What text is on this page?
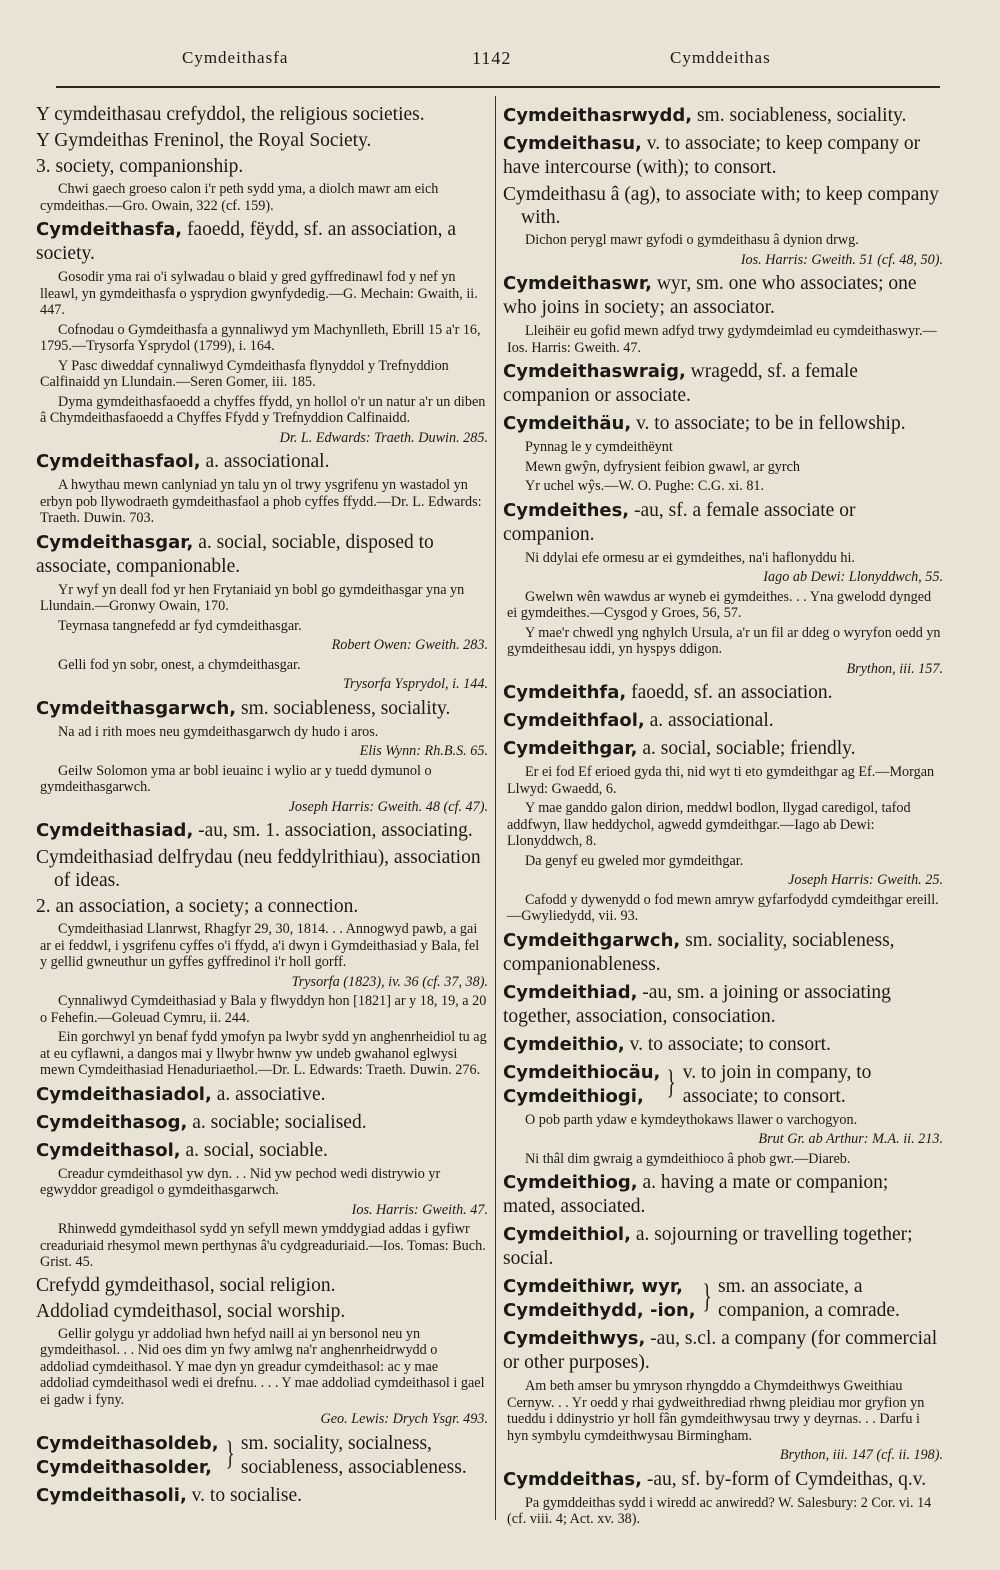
Cymdeithasfa	1142	Cymddeithas
Y cymdeithasau crefyddol, the religious societies.
Y Gymdeithas Freninol, the Royal Society.
3. society, companionship.
Chwi gaech groeso calon i'r peth sydd yma, a diolch mawr am eich cymdeithas.—Gro. Owain, 322 (cf. 159).
Cymdeithasfa, faoedd, fëydd, sf. an association, a society.
Gosodir yma rai o'i sylwadau o blaid y gred gyffredinawl fod y nef yn lleawl, yn gymdeithasfa o ysprydion gwynfydedig.—G. Mechain: Gwaith, ii. 447.
Cofnodau o Gymdeithasfa a gynnaliwyd ym Machynlleth, Ebrill 15 a'r 16, 1795.—Trysorfa Ysprydol (1799), i. 164.
Y Pasc diweddaf cynnaliwyd Cymdeithasfa flynyddol y Trefnyddion Calfinaidd yn Llundain.—Seren Gomer, iii. 185.
Dyma gymdeithasfaoedd a chyffes ffydd, yn hollol o'r un natur a'r un diben â Chymdeithasfaoedd a Chyffes Ffydd y Trefnyddion Calfinaidd.
Dr. L. Edwards: Traeth. Duwin. 285.
Cymdeithasfaol, a. associational.
A hwythau mewn canlyniad yn talu yn ol trwy ysgrifenu yn wastadol yn erbyn pob llywodraeth gymdeithasfaol a phob cyffes ffydd.—Dr. L. Edwards: Traeth. Duwin. 703.
Cymdeithasgar, a. social, sociable, disposed to associate, companionable.
Yr wyf yn deall fod yr hen Frytaniaid yn bobl go gymdeithasgar yna yn Llundain.—Gronwy Owain, 170.
Teyrnasa tangnefedd ar fyd cymdeithasgar.
Robert Owen: Gweith. 283.
Gelli fod yn sobr, onest, a chymdeithasgar.
Trysorfa Ysprydol, i. 144.
Cymdeithasgarwch, sm. sociableness, sociality.
Na ad i rith moes neu gymdeithasgarwch dy hudo i aros.
Elis Wynn: Rh.B.S. 65.
Geilw Solomon yma ar bobl ieuainc i wylio ar y tuedd dymunol o gymdeithasgarwch.
Joseph Harris: Gweith. 48 (cf. 47).
Cymdeithasiad, -au, sm. 1. association, associating.
Cymdeithasiad delfrydau (neu feddylrithiau), association of ideas.
2. an association, a society; a connection.
Cymdeithasiad Llanrwst, Rhagfyr 29, 30, 1814. . . Annogwyd pawb, a gai ar ei feddwl, i ysgrifenu cyffes o'i ffydd, a'i dwyn i Gymdeithasiad y Bala, fel y gellid gwneuthur un gyffes gyffredinol i'r holl gorff.
Trysorfa (1823), iv. 36 (cf. 37, 38).
Cynnaliwyd Cymdeithasiad y Bala y flwyddyn hon [1821] ar y 18, 19, a 20 o Fehefin.—Goleuad Cymru, ii. 244.
Ein gorchwyl yn benaf fydd ymofyn pa lwybr sydd yn anghenrheidiol tu ag at eu cyflawni, a dangos mai y llwybr hwnw yw undeb gwahanol eglwysi mewn Cymdeithasiad Henaduriaethol.—Dr. L. Edwards: Traeth. Duwin. 276.
Cymdeithasiadol, a. associative.
Cymdeithasog, a. sociable; socialised.
Cymdeithasol, a. social, sociable.
Creadur cymdeithasol yw dyn. . . Nid yw pechod wedi distrywio yr egwyddor greadigol o gymdeithasgarwch.
Ios. Harris: Gweith. 47.
Rhinwedd gymdeithasol sydd yn sefyll mewn ymddygiad addas i gyfiwr creaduriaid rhesymol mewn perthynas â'u cydgreaduriaid.—Ios. Tomas: Buch. Grist. 45.
Crefydd gymdeithasol, social religion.
Addoliad cymdeithasol, social worship.
Gellir golygu yr addoliad hwn hefyd naill ai yn bersonol neu yn gymdeithasol. . . Nid oes dim yn fwy amlwg na'r anghenrheidrwydd o addoliad cymdeithasol. Y mae dyn yn greadur cymdeithasol: ac y mae addoliad cymdeithasol wedi ei drefnu. . . . Y mae addoliad cymdeithasol i gael ei gadw i fyny.
Geo. Lewis: Drych Ysgr. 493.
Cymdeithasoldeb,
Cymdeithasolder, } sm. sociality, socialness, sociableness, associableness.
Cymdeithasoli, v. to socialise.
Cymdeithasrwydd, sm. sociableness, sociality.
Cymdeithasu, v. to associate; to keep company or have intercourse (with); to consort.
Cymdeithasu â (ag), to associate with; to keep company with.
Dichon perygl mawr gyfodi o gymdeithasu â dynion drwg.
Ios. Harris: Gweith. 51 (cf. 48, 50).
Cymdeithaswr, wyr, sm. one who associates; one who joins in society; an associator.
Lleihëir eu gofid mewn adfyd trwy gydymdeimlad eu cymdeithaswyr.—Ios. Harris: Gweith. 47.
Cymdeithaswraig, wragedd, sf. a female companion or associate.
Cymdeithäu, v. to associate; to be in fellowship.
Pynnag le y cymdeithëynt
Mewn gwŷn, dyfrysient feibion gwawl, ar gyrch
Yr uchel wŷs.—W. O. Pughe: C.G. xi. 81.
Cymdeithes, -au, sf. a female associate or companion.
Ni ddylai efe ormesu ar ei gymdeithes, na'i haflonyddu hi.
Iago ab Dewi: Llonyddwch, 55.
Gwelwn wên wawdus ar wyneb ei gymdeithes. . . Yna gwelodd dynged ei gymdeithes.—Cysgod y Groes, 56, 57.
Y mae'r chwedl yng nghylch Ursula, a'r un fil ar ddeg o wyryfon oedd yn gymdeithesau iddi, yn hyspys ddigon.
Brython, iii. 157.
Cymdeithfa, faoedd, sf. an association.
Cymdeithfaol, a. associational.
Cymdeithgar, a. social, sociable; friendly.
Er ei fod Ef erioed gyda thi, nid wyt ti eto gymdeithgar ag Ef.—Morgan Llwyd: Gwaedd, 6.
Y mae ganddo galon dirion, meddwl bodlon, llygad caredigol, tafod addfwyn, llaw heddychol, agwedd gymdeithgar.—Iago ab Dewi: Llonyddwch, 8.
Da genyf eu gweled mor gymdeithgar.
Joseph Harris: Gweith. 25.
Cafodd y dywenydd o fod mewn amryw gyfarfodydd cymdeithgar ereill.—Gwyliedydd, vii. 93.
Cymdeithgarwch, sm. sociality, sociableness, companionableness.
Cymdeithiad, -au, sm. a joining or associating together, association, consociation.
Cymdeithio, v. to associate; to consort.
Cymdeithiocäu,
Cymdeithiogi, } v. to join in company, to associate; to consort.
O pob parth ydaw e kymdeythokaws llawer o varchogyon.
Brut Gr. ab Arthur: M.A. ii. 213.
Ni thâl dim gwraig a gymdeithioco â phob gwr.—Diareb.
Cymdeithiog, a. having a mate or companion; mated, associated.
Cymdeithiol, a. sojourning or travelling together; social.
Cymdeithiwr, wyr,
Cymdeithydd, -ion, } sm. an associate, a companion, a comrade.
Cymdeithwys, -au, s.cl. a company (for commercial or other purposes).
Am beth amser bu ymryson rhyngddo a Chymdeithwys Gweithiau Cernyw. . . Yr oedd y rhai gydweithrediad rhwng pleidiau mor gryfion yn tueddu i ddinystrio yr holl fân gymdeithwysau trwy y deyrnas. . . Darfu i hyn symbylu cymdeithwysau Birmingham.
Brython, iii. 147 (cf. ii. 198).
Cymddeithas, -au, sf. by-form of Cymdeithas, q.v.
Pa gymddeithas sydd i wiredd ac anwiredd? W. Salesbury: 2 Cor. vi. 14 (cf. viii. 4; Act. xv. 38).
